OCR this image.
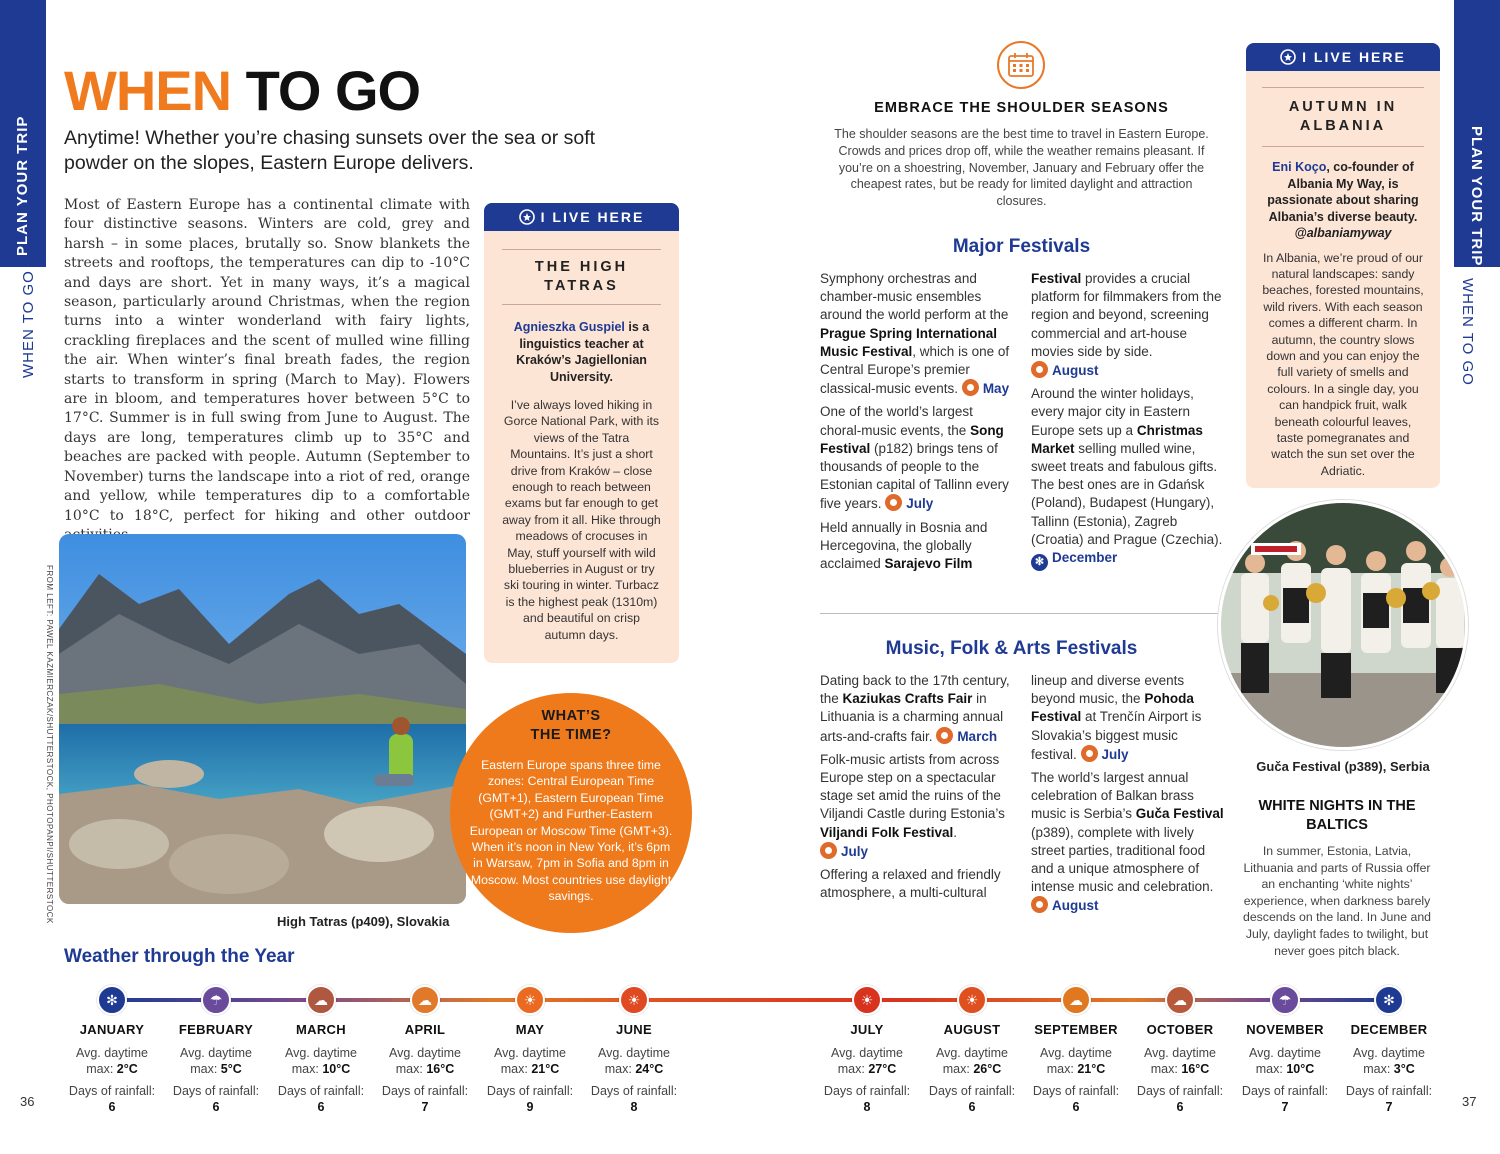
PLAN YOUR TRIP
WHEN TO GO
PLAN YOUR TRIP
WHEN TO GO
36	37
WHEN TO GO
Anytime! Whether you’re chasing sunsets over the sea or soft powder on the slopes, Eastern Europe delivers.
Most of Eastern Europe has a continental climate with four distinctive seasons. Winters are cold, grey and harsh – in some places, brutally so. Snow blankets the streets and rooftops, the temperatures can dip to -10°C and days are short. Yet in many ways, it’s a magical season, particularly around Christmas, when the region turns into a winter wonderland with fairy lights, crackling fireplaces and the scent of mulled wine filling the air. When winter’s final breath fades, the region starts to transform in spring (March to May). Flowers are in bloom, and temperatures hover between 5°C to 17°C. Summer is in full swing from June to August. The days are long, temperatures climb up to 35°C and beaches are packed with people. Autumn (September to November) turns the landscape into a riot of red, orange and yellow, while temperatures dip to a comfortable 10°C to 18°C, perfect for hiking and other outdoor
I LIVE HERE
THE HIGH TATRAS
Agnieszka Guspiel is a linguistics teacher at Kraków’s Jagiellonian University.
I’ve always loved hiking in Gorce National Park, with its views of the Tatra Mountains. It’s just a short drive from Kraków – close enough to reach between exams but far enough to get away from it all. Hike through meadows of crocuses in May, stuff yourself with wild blueberries in August or try ski touring in winter. Turbacz is the highest peak (1310m) and beautiful on crisp autumn days.
High Tatras (p409), Slovakia
FROM LEFT: PAWEL KAZMIERCZAK/SHUTTERSTOCK, PHOTOPANPI/SHUTTERSTOCK	WHAT’S THE TIME?
Eastern Europe spans three time zones: Central European Time (GMT+1), Eastern European Time (GMT+2) and Further-Eastern European or Moscow Time (GMT+3). When it’s noon in New York, it’s 6pm in Warsaw, 7pm in Sofia and 8pm in Moscow. Most countries use daylight savings.
EMBRACE THE SHOULDER SEASONS
The shoulder seasons are the best time to travel in Eastern Europe. Crowds and prices drop off, while the weather remains pleasant. If you’re on a shoestring, November, January and February offer the cheapest rates, but be ready for limited daylight and attraction closures.
Major Festivals

Symphony orchestras and chamber-music ensembles around the world perform at the Prague Spring International Music Festival, which is one of Central Europe’s premier classical-music events. May

One of the world’s largest choral-music events, the Song Festival (p182) brings tens of thousands of people to the Estonian capital of Tallinn every five years. July

Held annually in Bosnia and Hercegovina, the globally acclaimed Sarajevo Film

Festival provides a crucial platform for filmmakers from the region and beyond, screening commercial and art-house movies side by side.
August

Around the winter holidays, every major city in Eastern Europe sets up a Christmas Market selling mulled wine, sweet treats and fabulous gifts. The best ones are in Gdańsk (Poland), Budapest (Hungary), Tallinn (Estonia), Zagreb (Croatia) and Prague (Czechia).
✻ December

Music, Folk & Arts Festivals

Dating back to the 17th century, the Kaziukas Crafts Fair in Lithuania is a charming annual arts-and-crafts fair. March

Folk-music artists from across Europe step on a spectacular stage set amid the ruins of the Viljandi Castle during Estonia’s Viljandi Folk Festival.
July

Offering a relaxed and friendly atmosphere, a multi-cultural

lineup and diverse events beyond music, the Pohoda Festival at Trenčín Airport is Slovakia’s biggest music festival. July

The world’s largest annual celebration of Balkan brass music is Serbia’s Guča Festival (p389), complete with lively street parties, traditional food and a unique atmosphere of intense music and celebration.
August

I LIVE HERE
AUTUMN IN ALBANIA
Eni Koço, co-founder of Albania My Way, is passionate about sharing Albania’s diverse beauty.
@albaniamyway
In Albania, we’re proud of our natural landscapes: sandy beaches, forested mountains, wild rivers. With each season comes a different charm. In autumn, the country slows down and you can enjoy the full variety of smells and colours. In a single day, you can handpick fruit, walk beneath colourful leaves, taste pomegranates and watch the sun set over the Adriatic.
Guča Festival (p389), Serbia
WHITE NIGHTS IN THE BALTICS
In summer, Estonia, Latvia, Lithuania and parts of Russia offer an enchanting ‘white nights’ experience, when darkness barely descends on the land. In June and July, daylight fades to twilight, but never goes pitch black.
Weather through the Year
✻
JANUARY
Avg. daytime
max: 2°C
Days of rainfall:
6
☂
FEBRUARY
Avg. daytime
max: 5°C
Days of rainfall:
6
☁
MARCH
Avg. daytime
max: 10°C
Days of rainfall:
6
☁
APRIL
Avg. daytime
max: 16°C
Days of rainfall:
7
☀
MAY
Avg. daytime
max: 21°C
Days of rainfall:
9
☀
JUNE
Avg. daytime
max: 24°C
Days of rainfall:
8
☀
JULY
Avg. daytime
max: 27°C
Days of rainfall:
8
☀
AUGUST
Avg. daytime
max: 26°C
Days of rainfall:
6
☁
SEPTEMBER
Avg. daytime
max: 21°C
Days of rainfall:
6
☁
OCTOBER
Avg. daytime
max: 16°C
Days of rainfall:
6
☂
NOVEMBER
Avg. daytime
max: 10°C
Days of rainfall:
7
✻
DECEMBER
Avg. daytime
max: 3°C
Days of rainfall:
7
